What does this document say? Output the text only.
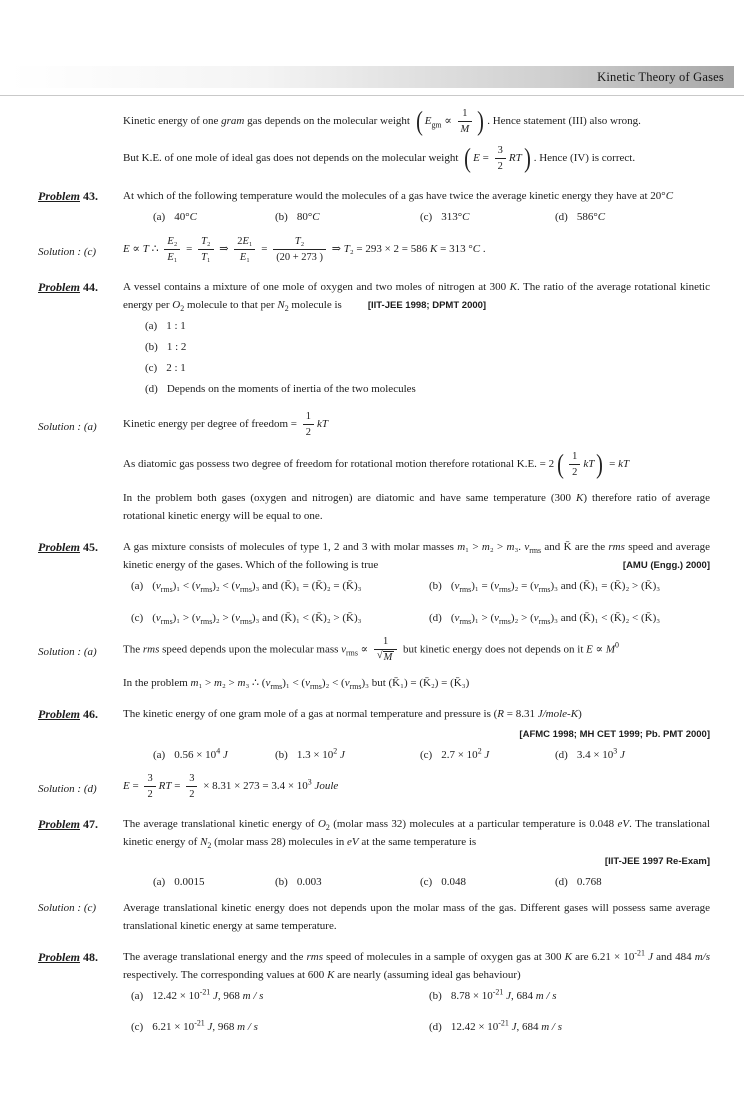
Kinetic Theory of Gases
Kinetic energy of one gram gas depends on the molecular weight ( $E_{gm} \propto \frac{1}{M}$ ) . Hence statement (III) also wrong.
But K.E. of one mole of ideal gas does not depends on the molecular weight ( $E = \frac{3}{2}$ RT ) . Hence (IV) is correct.
Problem 43.	At which of the following temperature would the molecules of a gas have twice the average kinetic energy they have at 20°C
(a) 40°C	(b) 80°C	(c) 313°C	(d) 586°C
Solution : (c)	E ∝ T ∴ $\frac{\text{E₂}}{\text{E₁}} = \frac{\text{T₂}}{\text{T₁}}$ ⇒ $\frac{\text{2E₁}}{\text{E₁}} = \frac{\text{T₂}}{(20 + 273 )}$ ⇒ T₂ = 293 × 2 = 586 K = 313 °C .
Problem 44.	A vessel contains a mixture of one mole of oxygen and two moles of nitrogen at 300 K. The ratio of the average rotational kinetic energy per $O_2$ molecule to that per $N_2$ molecule is	[IIT-JEE 1998; DPMT 2000]
(a) 1 : 1
(b) 1 : 2
(c) 2 : 1
(d) Depends on the moments of inertia of the two molecules
Solution : (a)	Kinetic energy per degree of freedom = $\frac{1}{2}$ kT
As diatomic gas possess two degree of freedom for rotational motion therefore rotational K.E. = 2 ( $\frac{1}{2}$ kT ) = kT
In the problem both gases (oxygen and nitrogen) are diatomic and have same temperature (300 K) therefore ratio of average rotational kinetic energy will be equal to one.
Problem 45.	A gas mixture consists of molecules of type 1, 2 and 3 with molar masses m₁ > m₂ > m₃. $v_{rms}$ and K̄ are the rms speed and average kinetic energy of the gases. Which of the following is true	[AMU (Engg.) 2000]
(a) $(v_{rms})_1 < (v_{rms})_2 < (v_{rms})_3$ and (K̄)₁ = (K̄)₂ = (K̄)₃	(b) $(v_{rms})_1 = (v_{rms})_2 = (v_{rms})_3$ and (K̄)₁ = (K̄)₂ > (K̄)₃
(c) $(v_{rms})_1 > (v_{rms})_2 > (v_{rms})_3$ and (K̄)₁ < (K̄)₂ > (K̄)₃	(d) $(v_{rms})_1 > (v_{rms})_2 > (v_{rms})_3$ and (K̄)₁ < (K̄)₂ < (K̄)₃
Solution : (a)	The rms speed depends upon the molecular mass $v_{rms} \propto \frac{1}{√ M}$ but kinetic energy does not depends on it $E \propto M^0$
In the problem m₁ > m₂ > m₃ ∴ $(v_{rms})_1 < (v_{rms})_2 < (v_{rms})_3$ but (K̄₁) = (K̄₂) = (K̄₃)
Problem 46.	The kinetic energy of one gram mole of a gas at normal temperature and pressure is (R = 8.31 J/mole-K)
[AFMC 1998; MH CET 1999; Pb. PMT 2000]
(a) $0.56 \times 10^4$ J	(b) $1.3 \times 10^2$ J	(c) $2.7 \times 10^2$ J	(d) $3.4 \times 10^3$ J
Solution : (d)	$E = \frac{3}{2}$ RT = $\frac{3}{2} \times 8.31 \times 273 = 3.4 \times 10^3$ Joule
Problem 47.	The average translational kinetic energy of $O_2$ (molar mass 32) molecules at a particular temperature is 0.048 eV. The translational kinetic energy of $N_2$ (molar mass 28) molecules in eV at the same temperature is
[IIT-JEE 1997 Re-Exam]
(a) 0.0015	(b) 0.003	(c) 0.048	(d) 0.768
Solution : (c)	Average translational kinetic energy does not depends upon the molar mass of the gas. Different gases will possess same average translational kinetic energy at same temperature.
Problem 48.	The average translational energy and the rms speed of molecules in a sample of oxygen gas at 300 K are $6.21 \times 10^{-21}$ J and 484 m/s respectively. The corresponding values at 600 K are nearly (assuming ideal gas behaviour)
(a) $12.42 \times 10^{-21}$ J, 968 m / s	(b) $8.78 \times 10^{-21}$ J, 684 m / s
(c) $6.21 \times 10^{-21}$ J, 968 m / s	(d) $12.42 \times 10^{-21}$ J, 684 m / s
